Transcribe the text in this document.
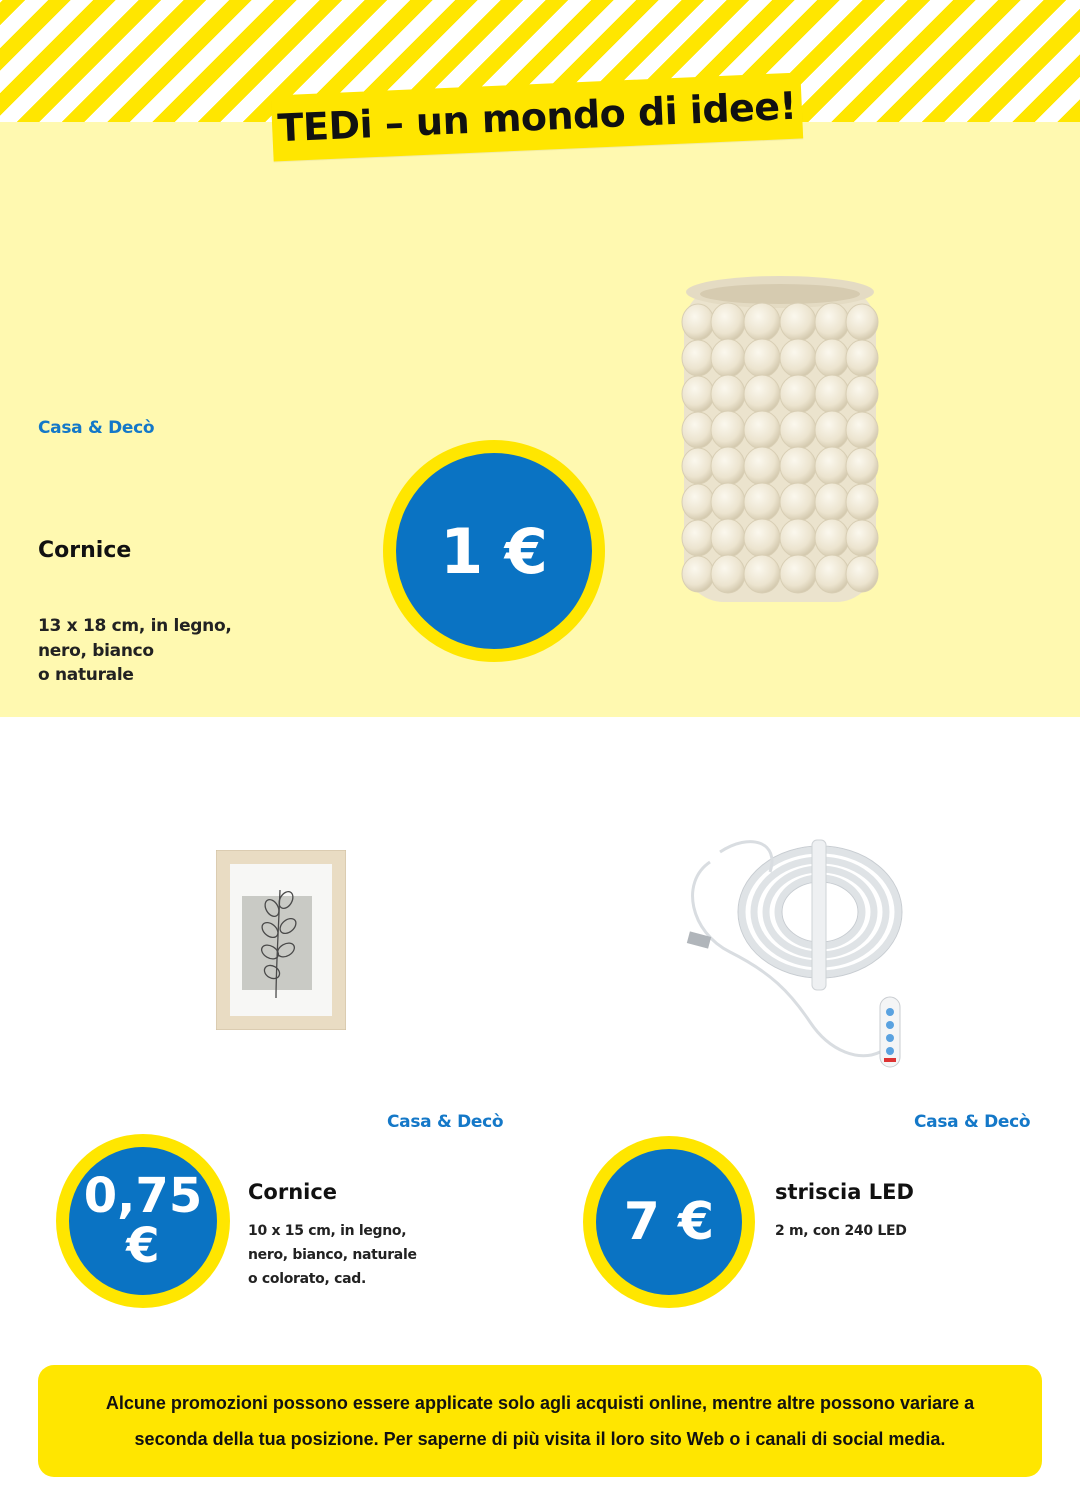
TEDi – un mondo di idee!
Casa & Decò
Cornice
13 x 18 cm, in legno,
nero, bianco
o naturale
1 €
Casa & Decò
0,75
€
Cornice
10 x 15 cm, in legno,
nero, bianco, naturale
o colorato, cad.
Casa & Decò
7 €	striscia LED
2 m, con 240 LED
Alcune promozioni possono essere applicate solo agli acquisti online, mentre altre possono variare a
seconda della tua posizione. Per saperne di più visita il loro sito Web o i canali di social media.
